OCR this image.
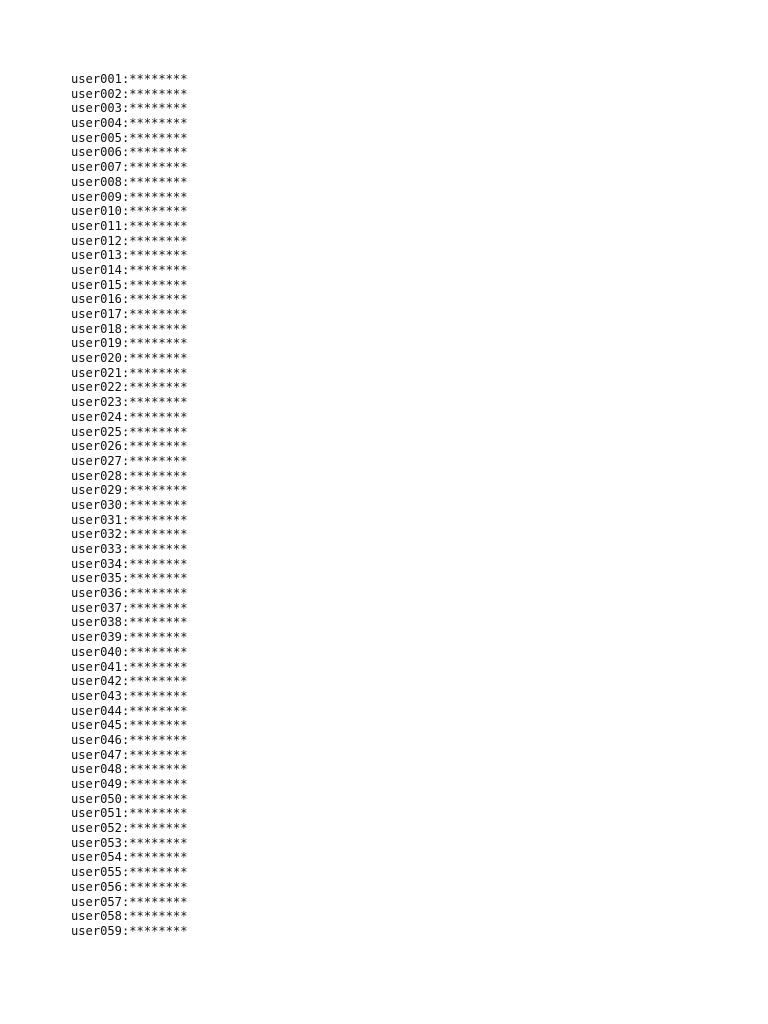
user001:********
user002:********
user003:********
user004:********
user005:********
user006:********
user007:********
user008:********
user009:********
user010:********
user011:********
user012:********
user013:********
user014:********
user015:********
user016:********
user017:********
user018:********
user019:********
user020:********
user021:********
user022:********
user023:********
user024:********
user025:********
user026:********
user027:********
user028:********
user029:********
user030:********
user031:********
user032:********
user033:********
user034:********
user035:********
user036:********
user037:********
user038:********
user039:********
user040:********
user041:********
user042:********
user043:********
user044:********
user045:********
user046:********
user047:********
user048:********
user049:********
user050:********
user051:********
user052:********
user053:********
user054:********
user055:********
user056:********
user057:********
user058:********
user059:********
